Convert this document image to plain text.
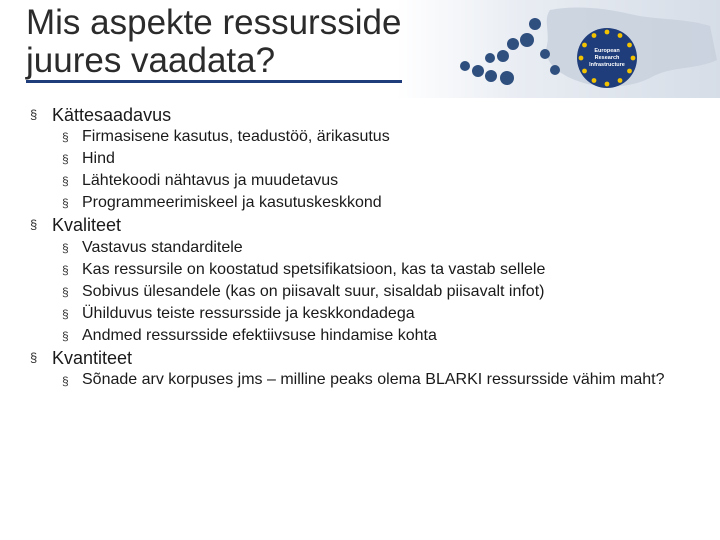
Mis aspekte ressursside juures vaadata?	European
Research
Infrastructure
§ Kättesaadavus
§ Firmasisene kasutus, teadustöö, ärikasutus
§ Hind
§ Lähtekoodi nähtavus ja muudetavus
§ Programmeerimiskeel ja kasutuskeskkond
§ Kvaliteet
§ Vastavus standarditele
§ Kas ressursile on koostatud spetsifikatsioon, kas ta vastab sellele
§ Sobivus ülesandele (kas on piisavalt suur, sisaldab piisavalt infot)
§ Ühilduvus teiste ressursside ja keskkondadega
§ Andmed ressursside efektiivsuse hindamise kohta
§ Kvantiteet
§ Sõnade arv korpuses jms – milline peaks olema BLARKI ressursside vähim maht?
